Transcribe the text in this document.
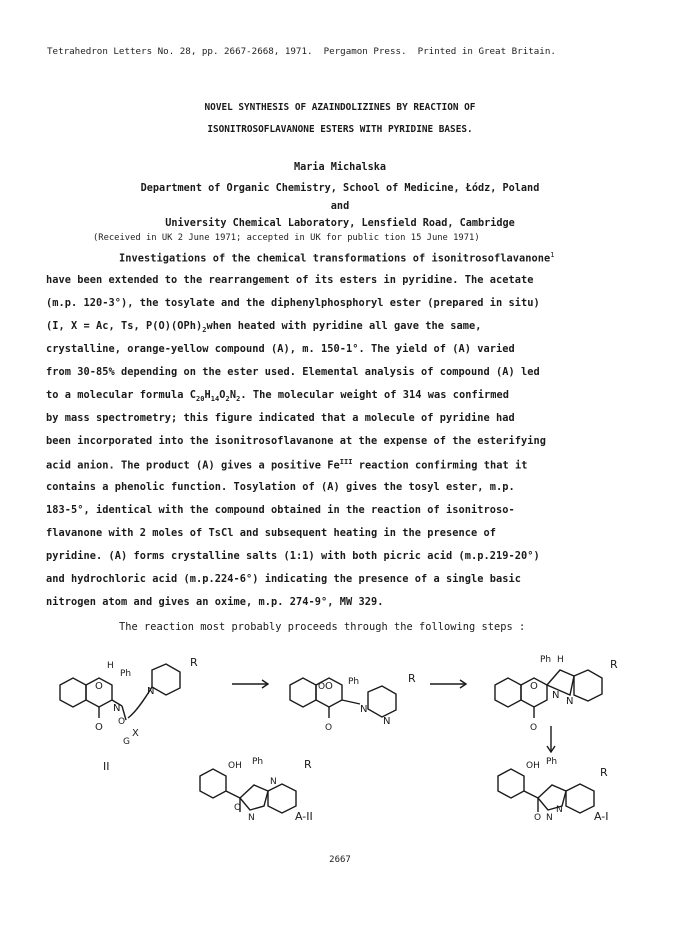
Tetrahedron Letters No. 28, pp. 2667-2668, 1971.  Pergamon Press.  Printed in Great Britain.
NOVEL SYNTHESIS OF AZAINDOLIZINES BY REACTION OF
ISONITROSOFLAVANONE ESTERS WITH PYRIDINE BASES.
Maria Michalska
Department of Organic Chemistry, School of Medicine, Łódz, Poland
and
University Chemical Laboratory, Lensfield Road, Cambridge
(Received in UK 2 June 1971; accepted in UK for public tion 15 June 1971)
Investigations of the chemical transformations of isonitrosoflavanone$^1$
have been extended to the rearrangement of its esters in pyridine. The acetate
(m.p. 120-3°), the tosylate and the diphenylphosphoryl ester (prepared in situ)
(I, X = Ac, Ts, $P(O)(OPh)_2when$ heated with pyridine all gave the same,
crystalline, orange-yellow compound (A), m. 150-1°. The yield of (A) varied
from 30-85% depending on the ester used. Elemental analysis of compound (A) led
to a molecular formula $C_{20}H_{14}O_2N_2$. The molecular weight of 314 was confirmed
by mass spectrometry; this figure indicated that a molecule of pyridine had
been incorporated into the isonitrosoflavanone at the expense of the esterifying
acid anion. The product (A) gives a positive $Fe^{III}$ reaction confirming that it
contains a phenolic function. Tosylation of (A) gives the tosyl ester, m.p.
183-5°, identical with the compound obtained in the reaction of isonitroso-
flavanone with 2 moles of TsCl and subsequent heating in the presence of
pyridine. (A) forms crystalline salts (1:1) with both picric acid (m.p.219-20°)
and hydrochloric acid (m.p.224-6°) indicating the presence of a single basic
nitrogen atom and gives an oxime, m.p. 274-9°, MW 329.
The reaction most probably proceeds through the following steps :
O
H
Ph
N
N
O
X
R
O
G
II
O Ph
N
N
R
O
O
Ph H
N
N
R
O
O
OH Ph
N
N
R
A-II	O
OH Ph
N
N
R
A-I
O
2667
